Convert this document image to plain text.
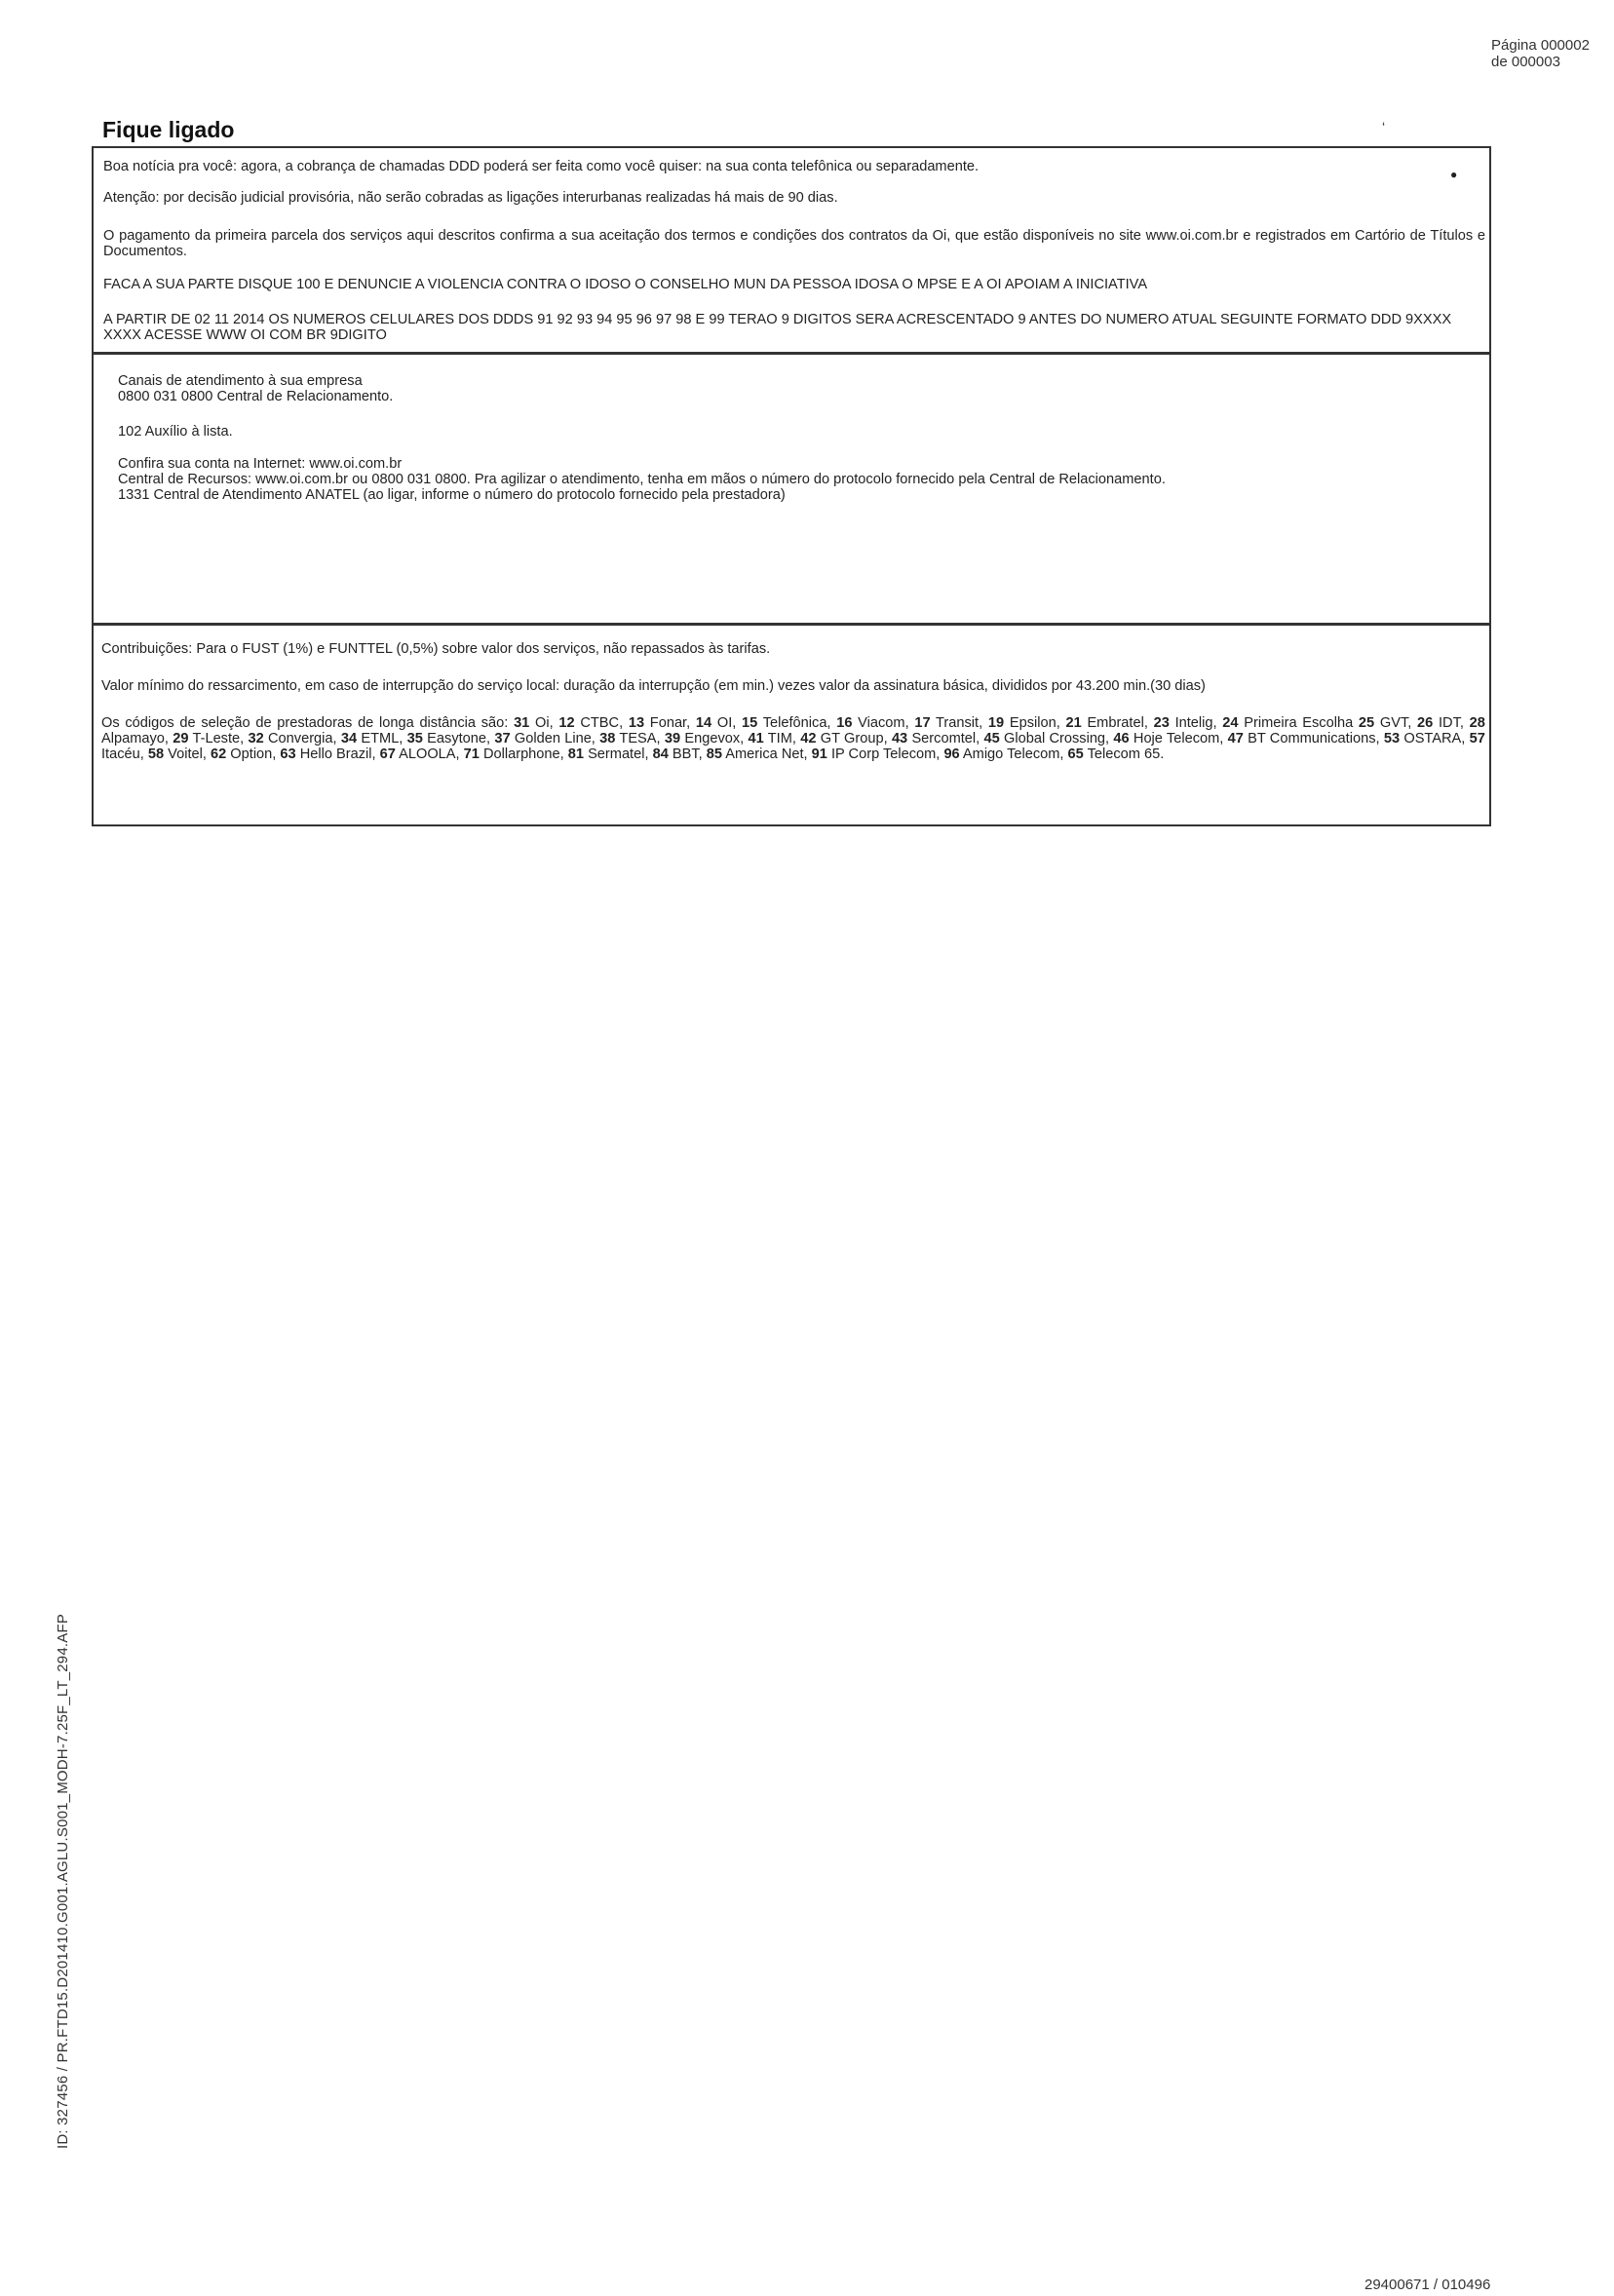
Página 000002 de 000003
Fique ligado	‘
Boa notícia pra você: agora, a cobrança de chamadas DDD poderá ser feita como você quiser: na sua conta telefônica ou separadamente.
Atenção: por decisão judicial provisória, não serão cobradas as ligações interurbanas realizadas há mais de 90 dias.
O pagamento da primeira parcela dos serviços aqui descritos confirma a sua aceitação dos termos e condições dos contratos da Oi, que estão disponíveis no site www.oi.com.br e registrados em Cartório de Títulos e Documentos.
FACA A SUA PARTE DISQUE 100 E DENUNCIE A VIOLENCIA CONTRA O IDOSO O CONSELHO MUN DA PESSOA IDOSA O MPSE E A OI APOIAM A INICIATIVA
A PARTIR DE 02 11 2014 OS NUMEROS CELULARES DOS DDDS 91 92 93 94 95 96 97 98 E 99 TERAO 9 DIGITOS SERA ACRESCENTADO 9 ANTES DO NUMERO ATUAL SEGUINTE FORMATO DDD 9XXXX XXXX ACESSE WWW OI COM BR 9DIGITO
●
Canais de atendimento à sua empresa
0800 031 0800 Central de Relacionamento.
102 Auxílio à lista.
Confira sua conta na Internet: www.oi.com.br
Central de Recursos: www.oi.com.br ou 0800 031 0800. Pra agilizar o atendimento, tenha em mãos o número do protocolo fornecido pela Central de Relacionamento.
1331 Central de Atendimento ANATEL (ao ligar, informe o número do protocolo fornecido pela prestadora)
Contribuições: Para o FUST (1%) e FUNTTEL (0,5%) sobre valor dos serviços, não repassados às tarifas.
Valor mínimo do ressarcimento, em caso de interrupção do serviço local: duração da interrupção (em min.) vezes valor da assinatura básica, divididos por 43.200 min.(30 dias)
Os códigos de seleção de prestadoras de longa distância são: 31 Oi, 12 CTBC, 13 Fonar, 14 OI, 15 Telefônica, 16 Viacom, 17 Transit, 19 Epsilon, 21 Embratel, 23 Intelig, 24 Primeira Escolha 25 GVT, 26 IDT, 28 Alpamayo, 29 T-Leste, 32 Convergia, 34 ETML, 35 Easytone, 37 Golden Line, 38 TESA, 39 Engevox, 41 TIM, 42 GT Group, 43 Sercomtel, 45 Global Crossing, 46 Hoje Telecom, 47 BT Communications, 53 OSTARA, 57 Itacéu, 58 Voitel, 62 Option, 63 Hello Brazil, 67 ALOOLA, 71 Dollarphone, 81 Sermatel, 84 BBT, 85 America Net, 91 IP Corp Telecom, 96 Amigo Telecom, 65 Telecom 65.
ID: 327456 / PR.FTD15.D201410.G001.AGLU.S001_MODH-7.25F_LT_294.AFP
29400671 / 010496
